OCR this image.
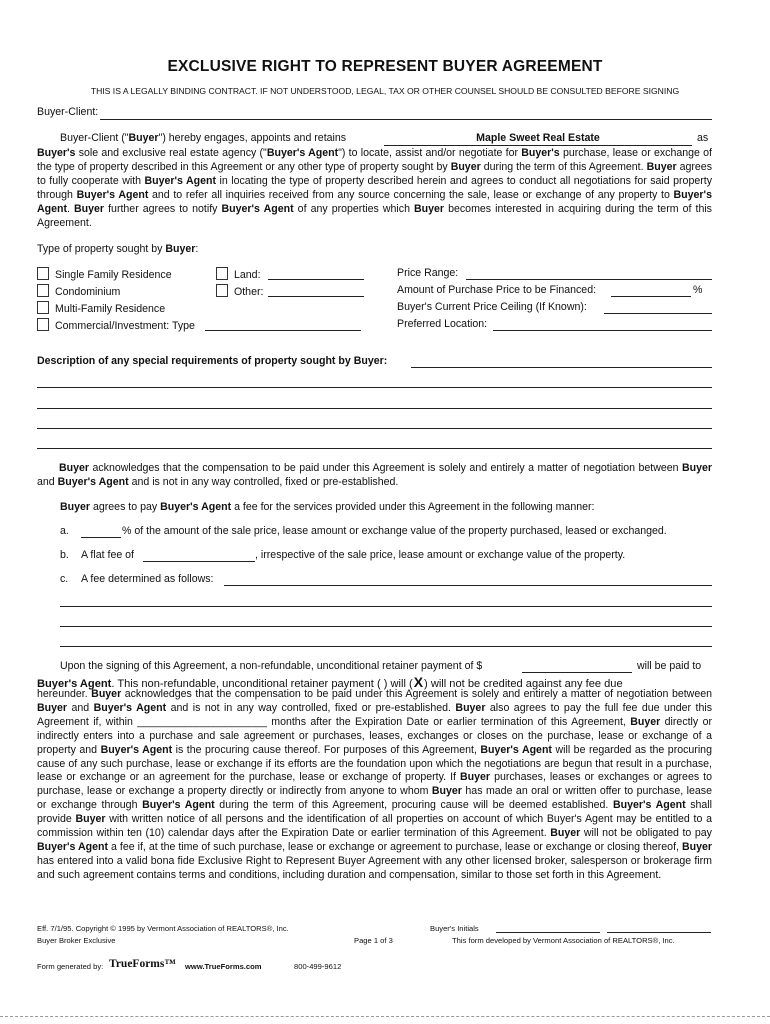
EXCLUSIVE RIGHT TO REPRESENT BUYER AGREEMENT
THIS IS A LEGALLY BINDING CONTRACT. IF NOT UNDERSTOOD, LEGAL, TAX OR OTHER COUNSEL SHOULD BE CONSULTED BEFORE SIGNING
Buyer-Client:
Buyer-Client ("Buyer") hereby engages, appoints and retains	Maple Sweet Real Estate	as
Buyer's sole and exclusive real estate agency ("Buyer's Agent") to locate, assist and/or negotiate for Buyer's purchase, lease or exchange of the type of property described in this Agreement or any other type of property sought by Buyer during the term of this Agreement. Buyer agrees to fully cooperate with Buyer's Agent in locating the type of property described herein and agrees to conduct all negotiations for said property through Buyer's Agent and to refer all inquiries received from any source concerning the sale, lease or exchange of any property to Buyer's Agent. Buyer further agrees to notify Buyer's Agent of any properties which Buyer becomes interested in acquiring during the term of this Agreement.
Type of property sought by Buyer:
Single Family Residence
Condominium
Multi-Family Residence
Commercial/Investment: Type
Land:
Other:
Price Range:
Amount of Purchase Price to be Financed:	%
Buyer's Current Price Ceiling (If Known):
Preferred Location:
Description of any special requirements of property sought by Buyer:
Buyer acknowledges that the compensation to be paid under this Agreement is solely and entirely a matter of negotiation between Buyer and Buyer's Agent and is not in any way controlled, fixed or pre-established.
Buyer agrees to pay Buyer's Agent a fee for the services provided under this Agreement in the following manner:
a.	% of the amount of the sale price, lease amount or exchange value of the property purchased, leased or exchanged.
b. A flat fee of	, irrespective of the sale price, lease amount or exchange value of the property.
c. A fee determined as follows:
Upon the signing of this Agreement, a non-refundable, unconditional retainer payment of $	will be paid to
Buyer's Agent. This non-refundable, unconditional retainer payment ( ) will (X) will not be credited against any fee due
hereunder. Buyer acknowledges that the compensation to be paid under this Agreement is solely and entirely a matter of negotiation between Buyer and Buyer's Agent and is not in any way controlled, fixed or pre-established. Buyer also agrees to pay the full fee due under this Agreement if, within ______________________ months after the Expiration Date or earlier termination of this Agreement, Buyer directly or indirectly enters into a purchase and sale agreement or purchases, leases, exchanges or closes on the purchase, lease or exchange of a property and Buyer's Agent is the procuring cause thereof. For purposes of this Agreement, Buyer's Agent will be regarded as the procuring cause of any such purchase, lease or exchange if its efforts are the foundation upon which the negotiations are begun that result in a purchase, lease or exchange or an agreement for the purchase, lease or exchange of property. If Buyer purchases, leases or exchanges or agrees to purchase, lease or exchange a property directly or indirectly from anyone to whom Buyer has made an oral or written offer to purchase, lease or exchange through Buyer's Agent during the term of this Agreement, procuring cause will be deemed established. Buyer's Agent shall provide Buyer with written notice of all persons and the identification of all properties on account of which Buyer's Agent may be entitled to a commission within ten (10) calendar days after the Expiration Date or earlier termination of this Agreement. Buyer will not be obligated to pay Buyer's Agent a fee if, at the time of such purchase, lease or exchange or agreement to purchase, lease or exchange or closing thereof, Buyer has entered into a valid bona fide Exclusive Right to Represent Buyer Agreement with any other licensed broker, salesperson or brokerage firm and such agreement contains terms and conditions, including duration and compensation, similar to those set forth in this Agreement.
Eff. 7/1/95. Copyright © 1995 by Vermont Association of REALTORS®, Inc.
Buyer Broker Exclusive	Page 1 of 3
Buyer's Initials
This form developed by Vermont Association of REALTORS®, Inc.
Form generated by: TrueForms™ www.TrueForms.com	800-499-9612
